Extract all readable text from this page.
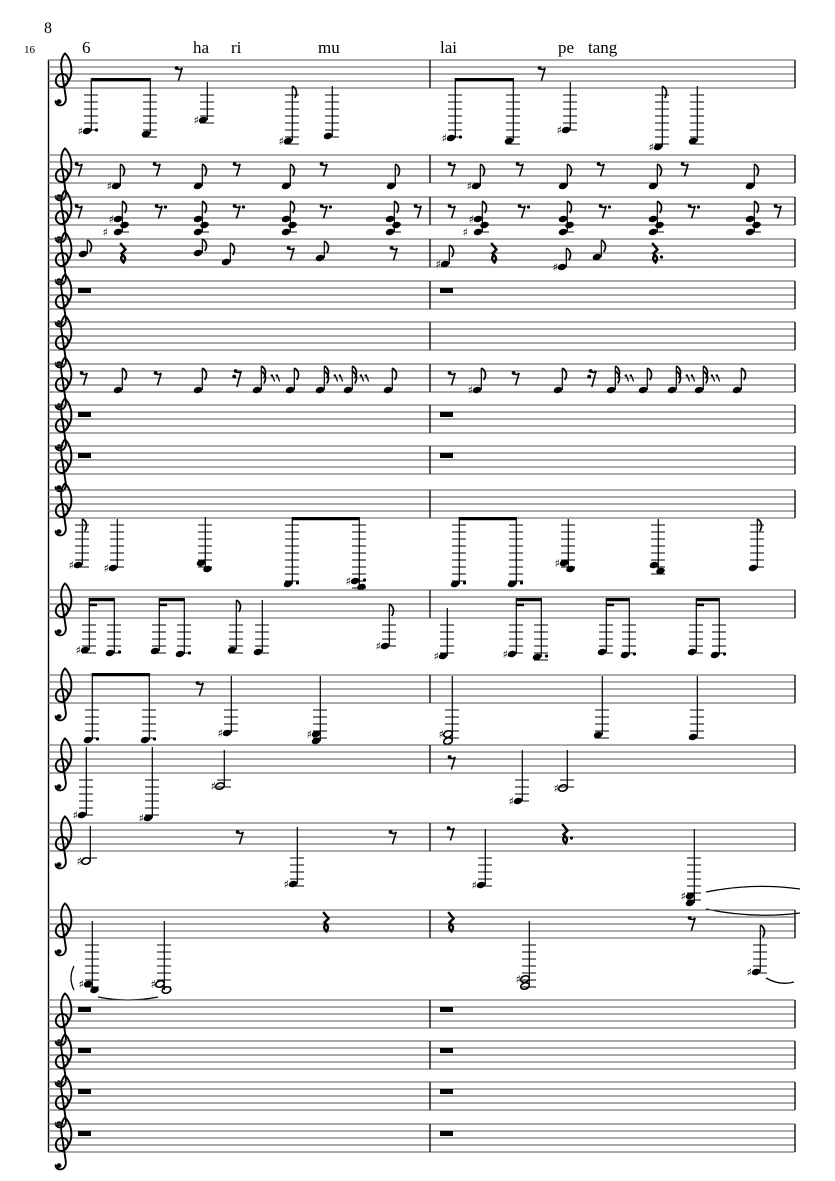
8
16	6	ha ri	mu	lai	pe tang
♯
♯
♯	♯
♯
♯
♯	♯
♯
♯
♯
♯
♯	♯
♯
♯	♯
♯
♯
♯	♯
♯	♯
♯	♯	♯
♯	♯
♯
♯
♯
♯
♯	♯
♯
♯	♯	♯
♯
